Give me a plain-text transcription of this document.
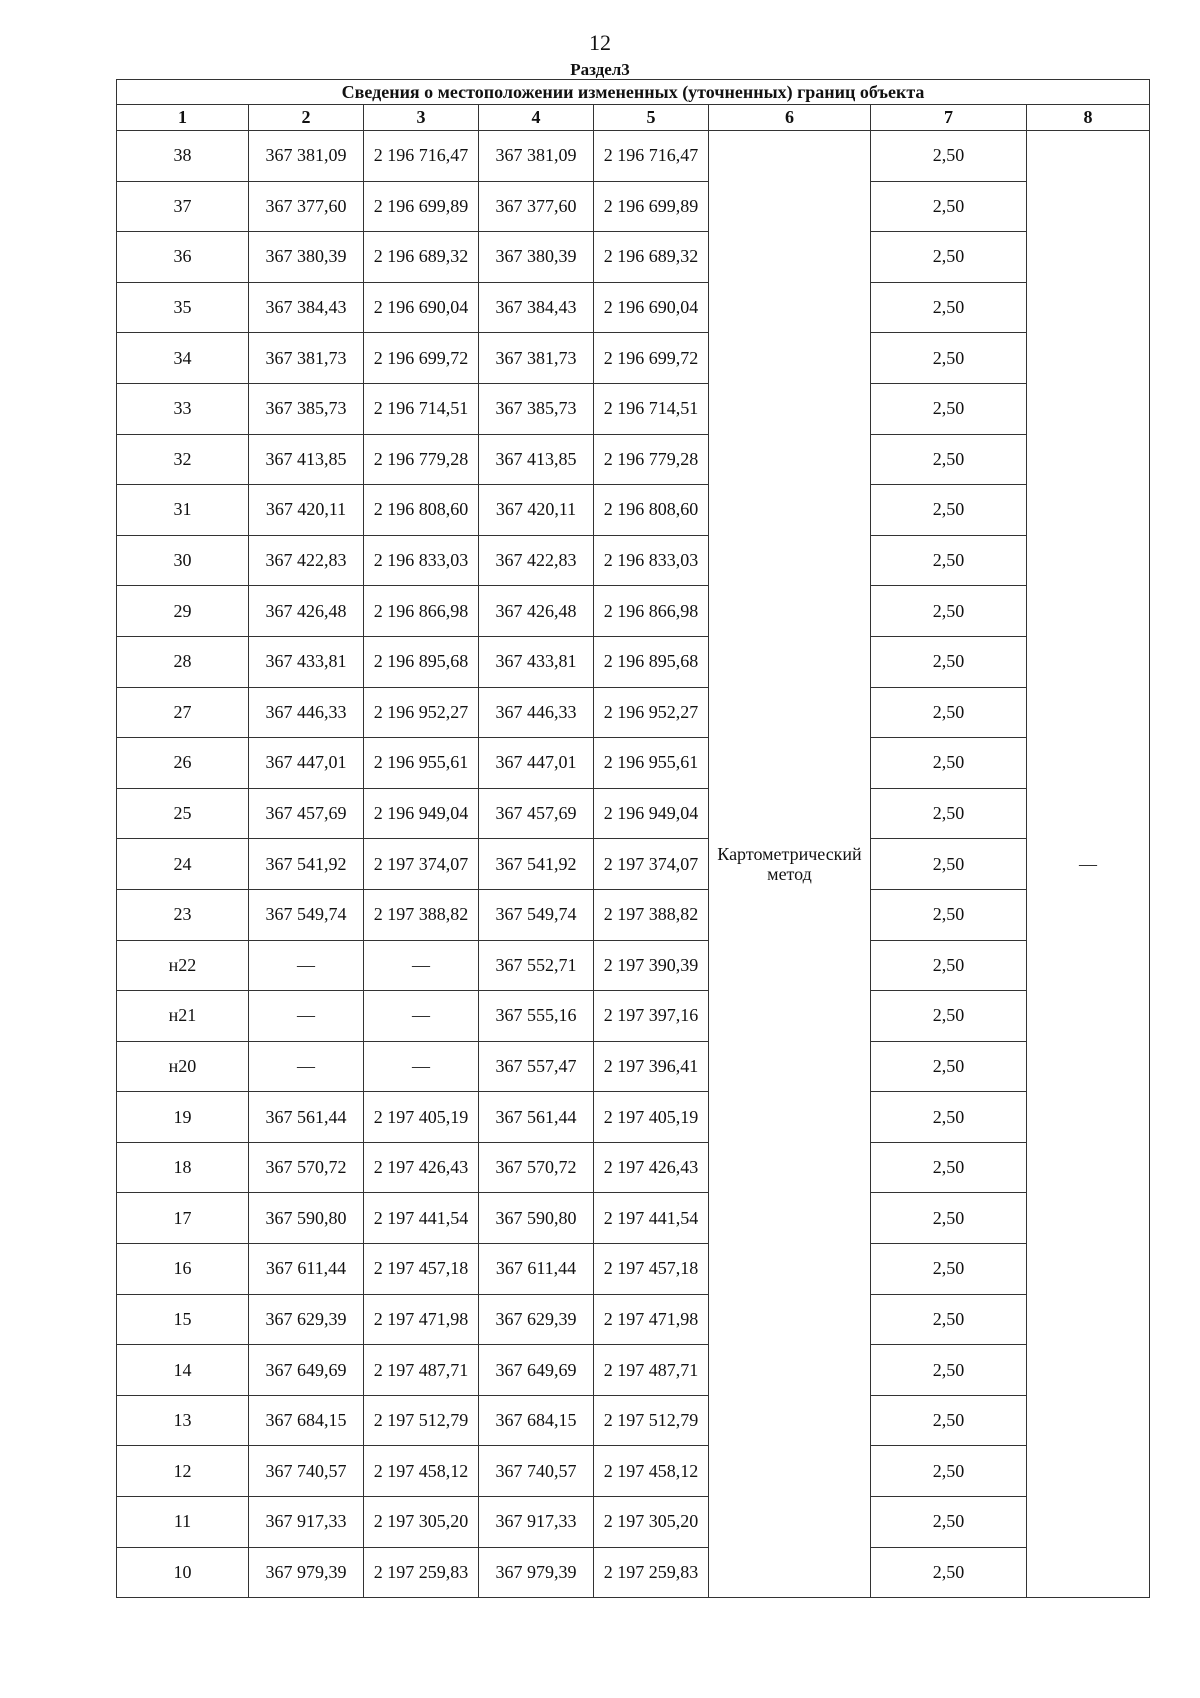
12
Раздел3
Сведения о местоположении измененных (уточненных) границ объекта							
1	2	3	4	5	6	7	8
38	367 381,09	2 196 716,47	367 381,09	2 196 716,47	Картометрический метод	2,50	—
37	367 377,60	2 196 699,89	367 377,60	2 196 699,89		2,50	
36	367 380,39	2 196 689,32	367 380,39	2 196 689,32		2,50	
35	367 384,43	2 196 690,04	367 384,43	2 196 690,04		2,50	
34	367 381,73	2 196 699,72	367 381,73	2 196 699,72		2,50	
33	367 385,73	2 196 714,51	367 385,73	2 196 714,51		2,50	
32	367 413,85	2 196 779,28	367 413,85	2 196 779,28		2,50	
31	367 420,11	2 196 808,60	367 420,11	2 196 808,60		2,50	
30	367 422,83	2 196 833,03	367 422,83	2 196 833,03		2,50	
29	367 426,48	2 196 866,98	367 426,48	2 196 866,98		2,50	
28	367 433,81	2 196 895,68	367 433,81	2 196 895,68		2,50	
27	367 446,33	2 196 952,27	367 446,33	2 196 952,27		2,50	
26	367 447,01	2 196 955,61	367 447,01	2 196 955,61		2,50	
25	367 457,69	2 196 949,04	367 457,69	2 196 949,04		2,50	
24	367 541,92	2 197 374,07	367 541,92	2 197 374,07		2,50	
23	367 549,74	2 197 388,82	367 549,74	2 197 388,82		2,50	
н22	—	—	367 552,71	2 197 390,39		2,50	
н21	—	—	367 555,16	2 197 397,16		2,50	
н20	—	—	367 557,47	2 197 396,41		2,50	
19	367 561,44	2 197 405,19	367 561,44	2 197 405,19		2,50	
18	367 570,72	2 197 426,43	367 570,72	2 197 426,43		2,50	
17	367 590,80	2 197 441,54	367 590,80	2 197 441,54		2,50	
16	367 611,44	2 197 457,18	367 611,44	2 197 457,18		2,50	
15	367 629,39	2 197 471,98	367 629,39	2 197 471,98		2,50	
14	367 649,69	2 197 487,71	367 649,69	2 197 487,71		2,50	
13	367 684,15	2 197 512,79	367 684,15	2 197 512,79		2,50	
12	367 740,57	2 197 458,12	367 740,57	2 197 458,12		2,50	
11	367 917,33	2 197 305,20	367 917,33	2 197 305,20		2,50	
10	367 979,39	2 197 259,83	367 979,39	2 197 259,83		2,50	
